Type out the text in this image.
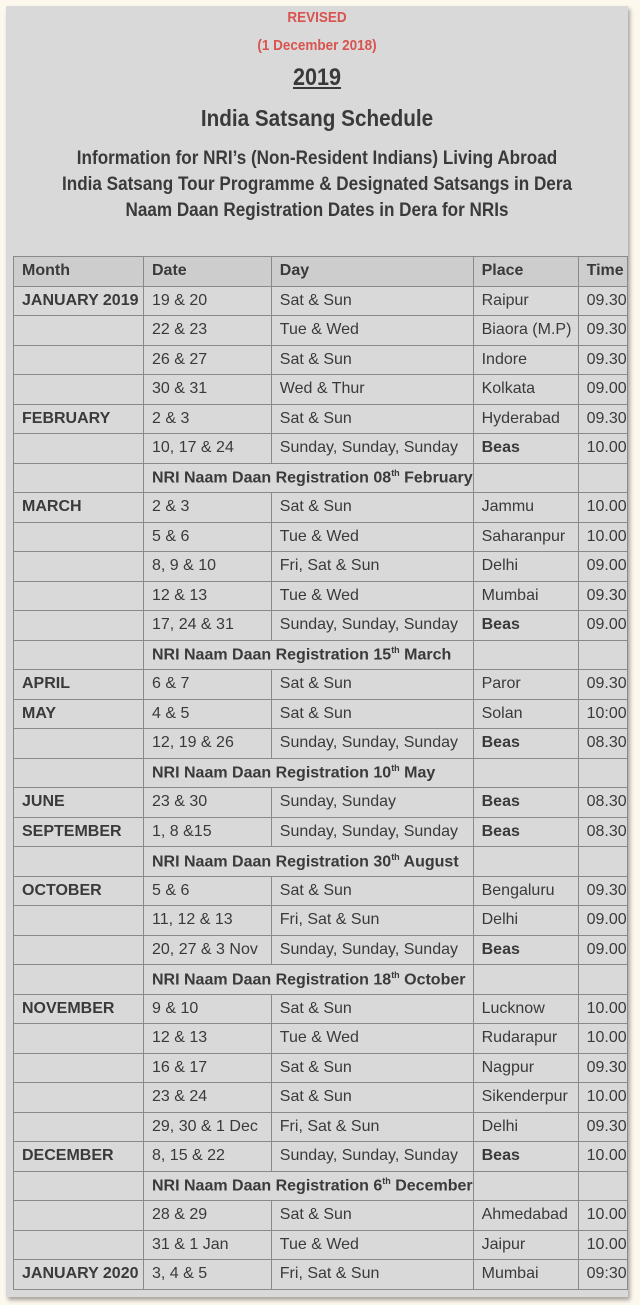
REVISED
(1 December 2018)
2019
India Satsang Schedule
Information for NRI’s (Non-Resident Indians) Living Abroad
India Satsang Tour Programme & Designated Satsangs in Dera
Naam Daan Registration Dates in Dera for NRIs
Month	Date	Day	Place	Time
JANUARY 2019	19 & 20	Sat & Sun	Raipur	09.30
	22 & 23	Tue & Wed	Biaora (M.P)	09.30
	26 & 27	Sat & Sun	Indore	09.30
	30 & 31	Wed & Thur	Kolkata	09.00
FEBRUARY	2 & 3	Sat & Sun	Hyderabad	09.30
	10, 17 & 24	Sunday, Sunday, Sunday	Beas	10.00
	NRI Naam Daan Registration 08th February			
MARCH	2 & 3	Sat & Sun	Jammu	10.00
	5 & 6	Tue & Wed	Saharanpur	10.00
	8, 9 & 10	Fri, Sat & Sun	Delhi	09.00
	12 & 13	Tue & Wed	Mumbai	09.30
	17, 24 & 31	Sunday, Sunday, Sunday	Beas	09.00
	NRI Naam Daan Registration 15th March			
APRIL	6 & 7	Sat & Sun	Paror	09.30
MAY	4 & 5	Sat & Sun	Solan	10:00
	12, 19 & 26	Sunday, Sunday, Sunday	Beas	08.30
	NRI Naam Daan Registration 10th May			
JUNE	23 & 30	Sunday, Sunday	Beas	08.30
SEPTEMBER	1, 8 &15	Sunday, Sunday, Sunday	Beas	08.30
	NRI Naam Daan Registration 30th August			
OCTOBER	5 & 6	Sat & Sun	Bengaluru	09.30
	11, 12 & 13	Fri, Sat & Sun	Delhi	09.00
	20, 27 & 3 Nov	Sunday, Sunday, Sunday	Beas	09.00
	NRI Naam Daan Registration 18th October			
NOVEMBER	9 & 10	Sat & Sun	Lucknow	10.00
	12 & 13	Tue & Wed	Rudarapur	10.00
	16 & 17	Sat & Sun	Nagpur	09.30
	23 & 24	Sat & Sun	Sikenderpur	10.00
	29, 30 & 1 Dec	Fri, Sat & Sun	Delhi	09.30
DECEMBER	8, 15 & 22	Sunday, Sunday, Sunday	Beas	10.00
	NRI Naam Daan Registration 6th December			
	28 & 29	Sat & Sun	Ahmedabad	10.00
	31 & 1 Jan	Tue & Wed	Jaipur	10.00
JANUARY 2020	3, 4 & 5	Fri, Sat & Sun	Mumbai	09:30
